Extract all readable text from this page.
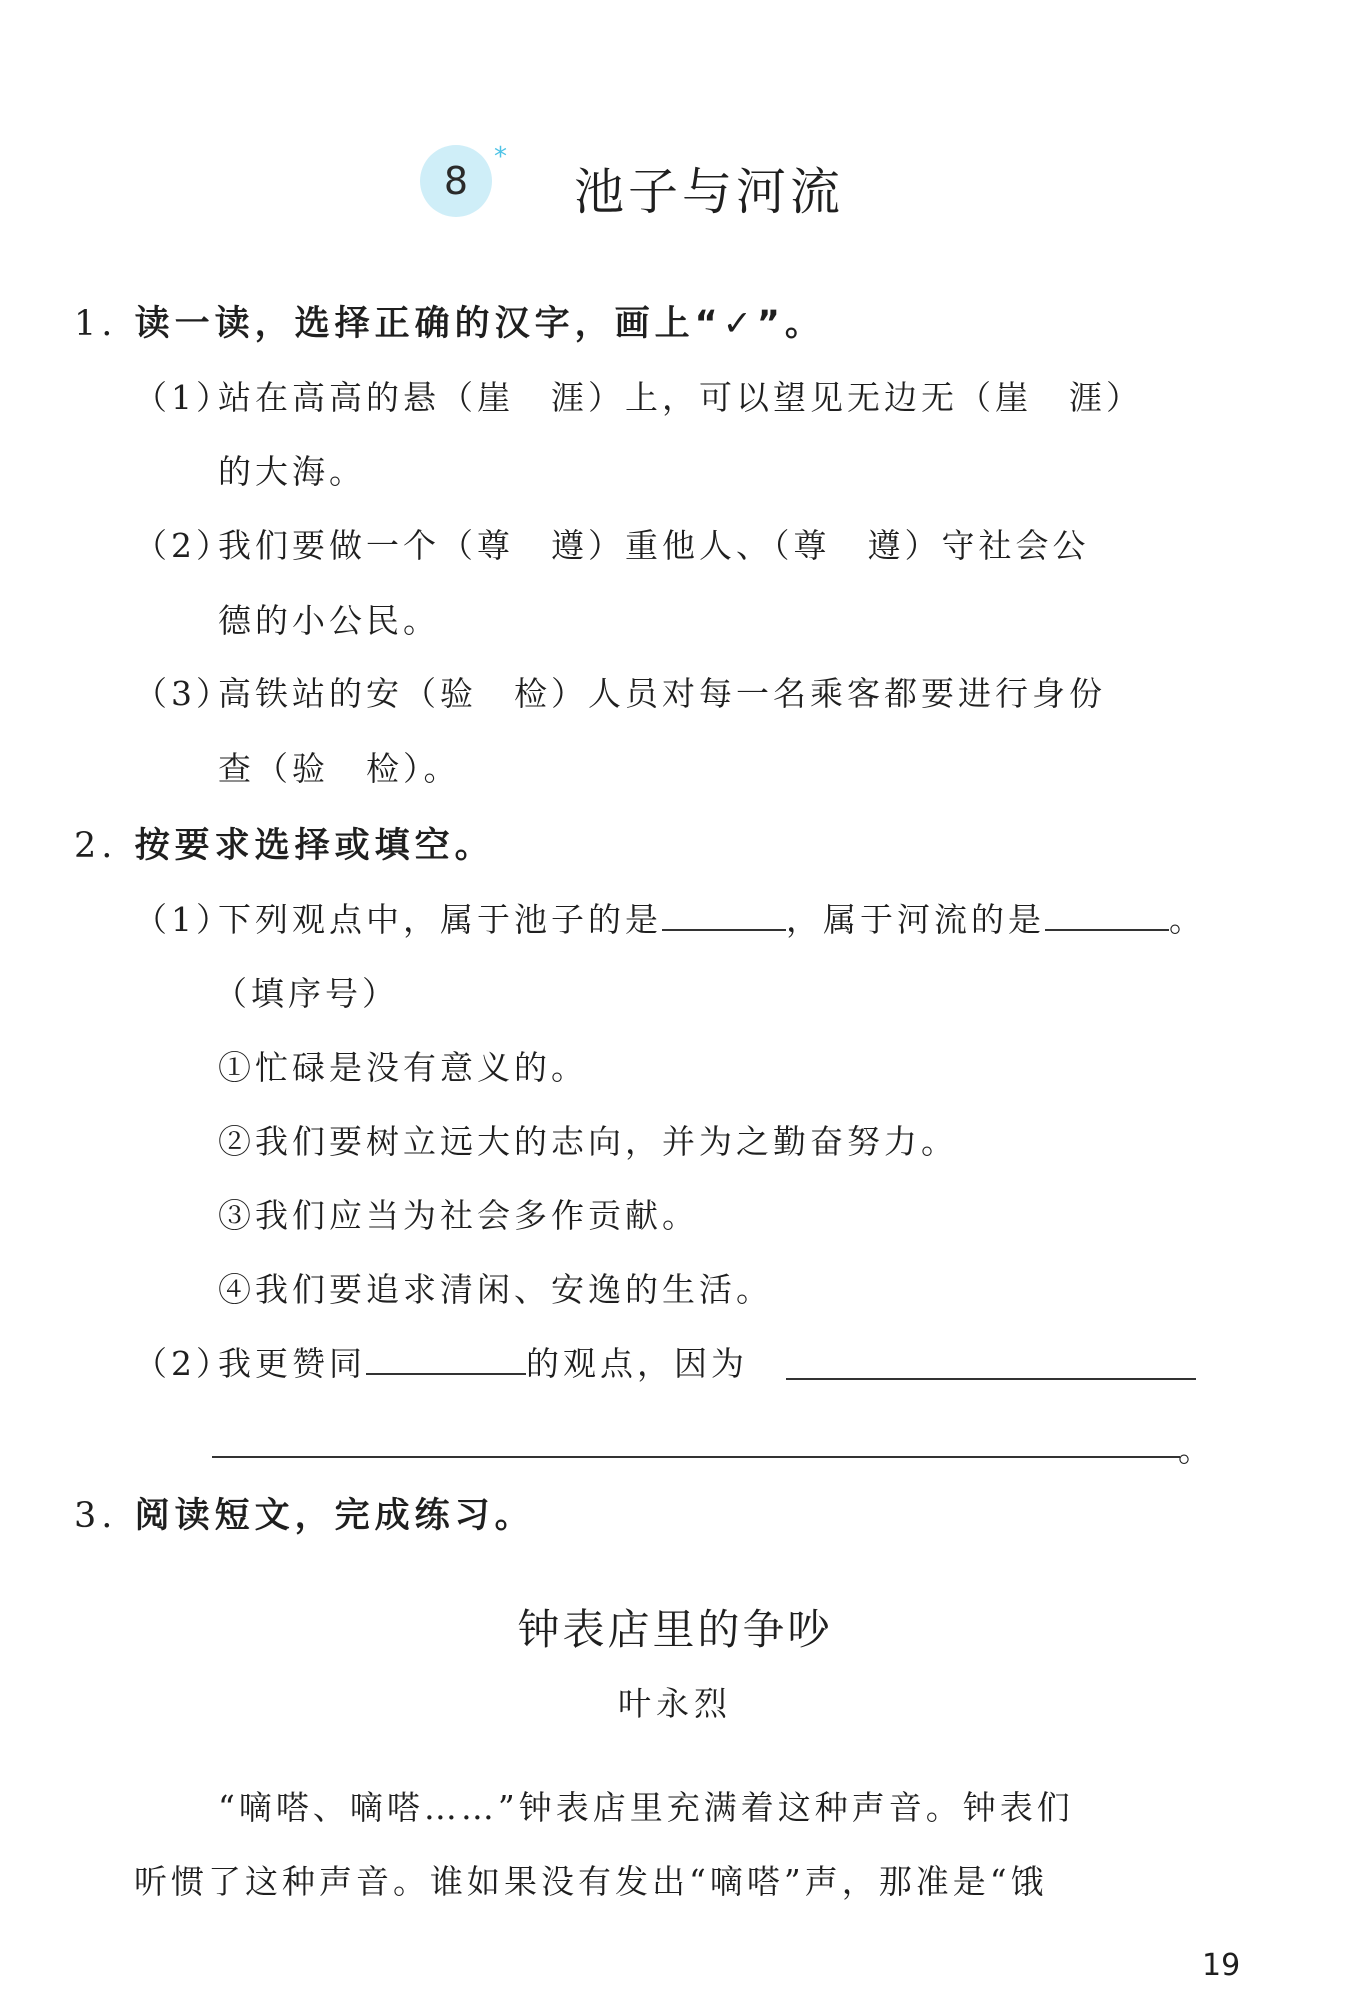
8
*
池子与河流
1. 读一读，选择正确的汉字，画上“✓”。
（1）
站在高高的悬（崖　涯）上，可以望见无边无（崖　涯）
的大海。
（2）
我们要做一个（尊　遵）重他人、（尊　遵）守社会公
德的小公民。
（3）
高铁站的安（验　检）人员对每一名乘客都要进行身份
查（验　检）。
2. 按要求选择或填空。
（1）
下列观点中，属于池子的是	，属于河流的是	。
（填序号）
①忙碌是没有意义的。
②我们要树立远大的志向，并为之勤奋努力。
③我们应当为社会多作贡献。
④我们要追求清闲、安逸的生活。
（2）
我更赞同	的观点，因为
。
3. 阅读短文，完成练习。
钟表店里的争吵
叶永烈
“嘀嗒、嘀嗒……”钟表店里充满着这种声音。钟表们
听惯了这种声音。谁如果没有发出“嘀嗒”声，那准是“饿
19
